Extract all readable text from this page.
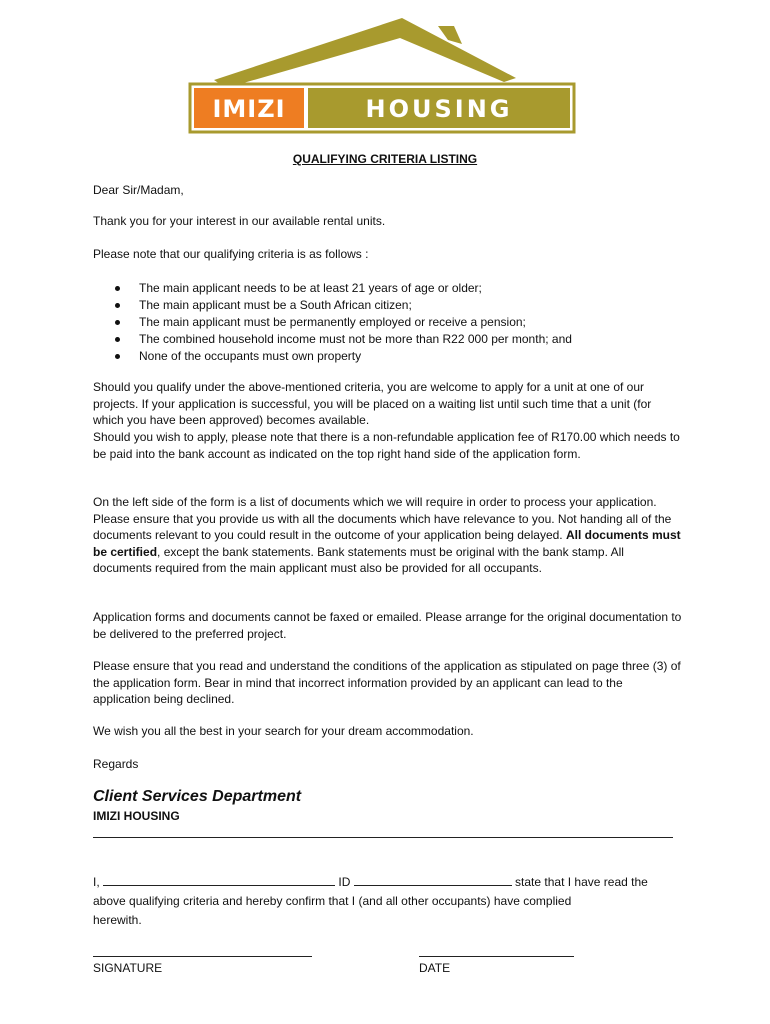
IMIZI	HOUSING
QUALIFYING CRITERIA LISTING

Dear Sir/Madam,

Thank you for your interest in our available rental units.

Please note that our qualifying criteria is as follows :

The main applicant needs to be at least 21 years of age or older;
The main applicant must be a South African citizen;
The main applicant must be permanently employed or receive a pension;
The combined household income must not be more than R22 000 per month; and
None of the occupants must own property

Should you qualify under the above-mentioned criteria, you are welcome to apply for a unit at one of our projects. If your application is successful, you will be placed on a waiting list until such time that a unit (for which you have been approved) becomes available.

Should you wish to apply, please note that there is a non-refundable application fee of R170.00 which needs to be paid into the bank account as indicated on the top right hand side of the application form.

On the left side of the form is a list of documents which we will require in order to process your application. Please ensure that you provide us with all the documents which have relevance to you. Not handing all of the documents relevant to you could result in the outcome of your application being delayed. All documents must be certified, except the bank statements. Bank statements must be original with the bank stamp. All documents required from the main applicant must also be provided for all occupants.

Application forms and documents cannot be faxed or emailed. Please arrange for the original documentation to be delivered to the preferred project.

Please ensure that you read and understand the conditions of the application as stipulated on page three (3) of the application form. Bear in mind that incorrect information provided by an applicant can lead to the application being declined.

We wish you all the best in your search for your dream accommodation.

Regards

Client Services Department
IMIZI HOUSING

I,	ID	state that I have read the
above qualifying criteria and hereby confirm that I (and all other occupants) have complied
herewith.

SIGNATURE	DATE
